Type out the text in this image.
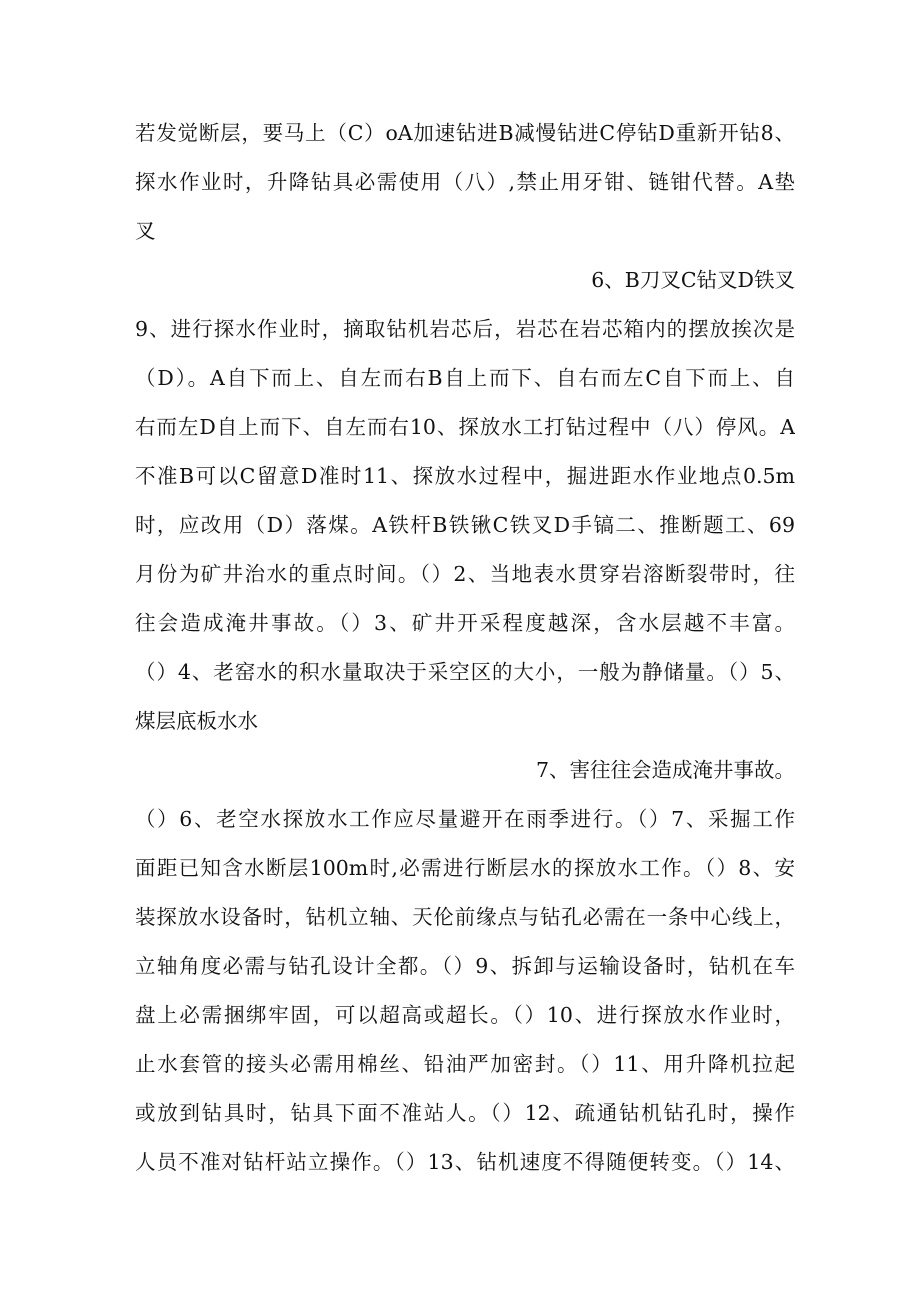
若发觉断层，要马上（C）oA加速钻进B减慢钻进C停钻D重新开钻8、
探水作业时，升降钻具必需使用（八）,禁止用牙钳、链钳代替。A垫
叉
6、B刀叉C钻叉D铁叉
9、进行探水作业时，摘取钻机岩芯后，岩芯在岩芯箱内的摆放挨次是
（D）。A自下而上、自左而右B自上而下、自右而左C自下而上、自
右而左D自上而下、自左而右10、探放水工打钻过程中（八）停风。A
不准B可以C留意D准时11、探放水过程中，掘进距水作业地点0.5m
时，应改用（D）落煤。A铁杆B铁锹C铁叉D手镐二、推断题工、69
月份为矿井治水的重点时间。（）2、当地表水贯穿岩溶断裂带时，往
往会造成淹井事故。（）3、矿井开采程度越深，含水层越不丰富。
（）4、老窑水的积水量取决于采空区的大小，一般为静储量。（）5、
煤层底板水水
7、害往往会造成淹井事故。
（）6、老空水探放水工作应尽量避开在雨季进行。（）7、采掘工作
面距已知含水断层100m时,必需进行断层水的探放水工作。（）8、安
装探放水设备时，钻机立轴、天伦前缘点与钻孔必需在一条中心线上，
立轴角度必需与钻孔设计全都。（）9、拆卸与运输设备时，钻机在车
盘上必需捆绑牢固，可以超高或超长。（）10、进行探放水作业时，
止水套管的接头必需用棉丝、铅油严加密封。（）11、用升降机拉起
或放到钻具时，钻具下面不准站人。（）12、疏通钻机钻孔时，操作
人员不准对钻杆站立操作。（）13、钻机速度不得随便转变。（）14、
